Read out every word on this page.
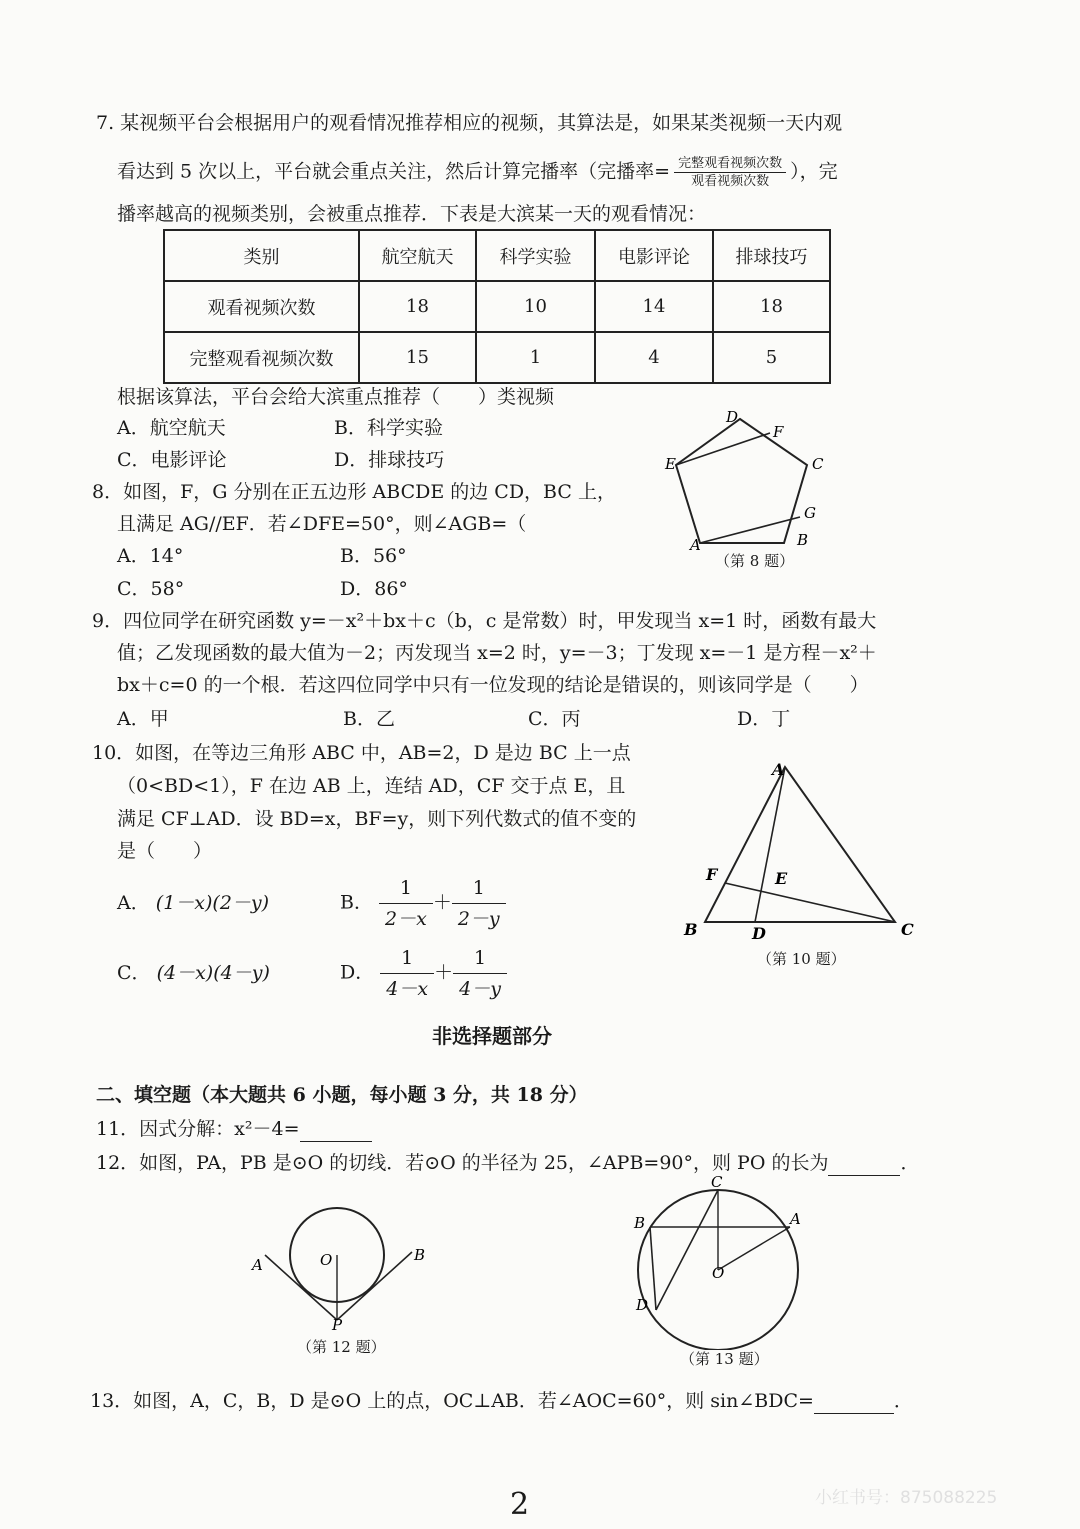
7. 某视频平台会根据用户的观看情况推荐相应的视频，其算法是，如果某类视频一天内观
看达到 5 次以上，平台就会重点关注，然后计算完播率（完播率= $\frac{\text{完整观看视频次数}}{\text{观看视频次数}}$ ），完
播率越高的视频类别，会被重点推荐．下表是大滨某一天的观看情况：
类别	航空航天	科学实验	电影评论	排球技巧
观看视频次数	18	10	14	18
完整观看视频次数	15	1	4	5
根据该算法，平台会给大滨重点推荐（　　）类视频
A．航空航天	B．科学实验
C．电影评论	D．排球技巧
8．如图，F，G 分别在正五边形 ABCDE 的边 CD，BC 上，
且满足 AG//EF．若∠DFE=50°，则∠AGB=（
A．14°	B．56°
C．58°	D．86°
D
F
E	C
G
A	B
（第 8 题）
9．四位同学在研究函数 y=－x²＋bx＋c（b，c 是常数）时，甲发现当 x=1 时，函数有最大
值；乙发现函数的最大值为－2；丙发现当 x=2 时，y=－3；丁发现 x=－1 是方程－x²＋
bx＋c=0 的一个根．若这四位同学中只有一位发现的结论是错误的，则该同学是（　　）
A．甲	B．乙	C．丙	D．丁
10．如图，在等边三角形 ABC 中，AB=2，D 是边 BC 上一点
（0<BD<1），F 在边 AB 上，连结 AD，CF 交于点 E，且
满足 CF⊥AD．设 BD=x，BF=y，则下列代数式的值不变的
是（　　）
A． (1－x)(2－y)	B． $\frac{1}{2-x} + \frac{1}{2-y}$
C． (4－x)(4－y)	D． $\frac{1}{4-x} + \frac{1}{4-y}$
A
F	E
B	D	C
（第 10 题）
非选择题部分
二、填空题（本大题共 6 小题，每小题 3 分，共 18 分）
11．因式分解：x²－4=
12．如图，PA，PB 是⊙O 的切线．若⊙O 的半径为 25，∠APB=90°，则 PO 的长为	．
A	O	B
P
（第 12 题）
C
B	A
O
D
（第 13 题）
13．如图，A，C，B，D 是⊙O 上的点，OC⊥AB．若∠AOC=60°，则 sin∠BDC=	．
2	小红书号：875088225
